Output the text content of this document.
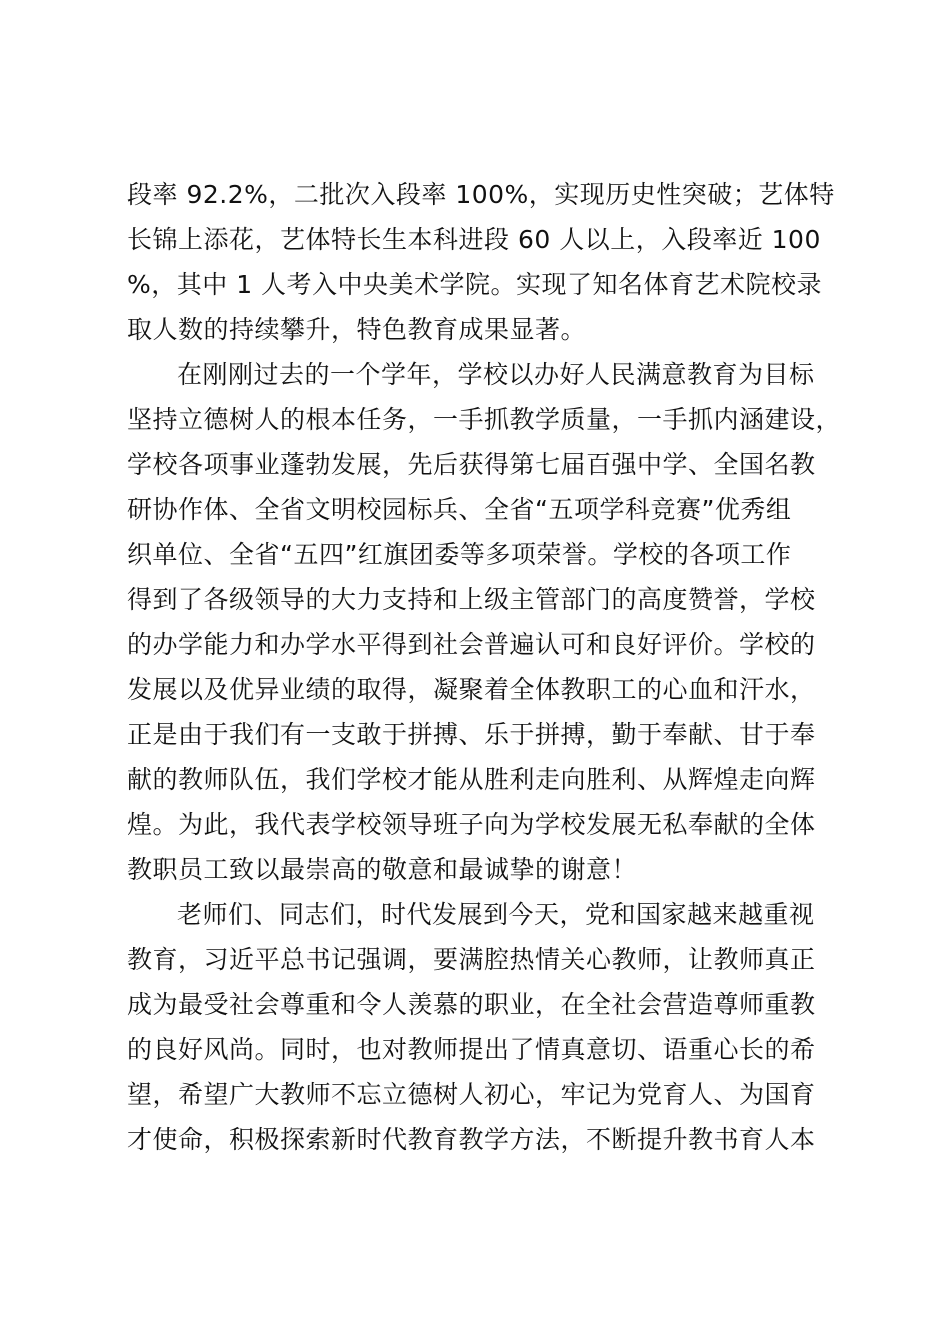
段率 92.2%，二批次入段率 100%，实现历史性突破；艺体特
长锦上添花，艺体特长生本科进段 60 人以上，入段率近 100
%，其中 1 人考入中央美术学院。实现了知名体育艺术院校录
取人数的持续攀升，特色教育成果显著。
在刚刚过去的一个学年，学校以办好人民满意教育为目标
坚持立德树人的根本任务，一手抓教学质量，一手抓内涵建设，
学校各项事业蓬勃发展，先后获得第七届百强中学、全国名教
研协作体、全省文明校园标兵、全省“五项学科竞赛”优秀组
织单位、全省“五四”红旗团委等多项荣誉。学校的各项工作
得到了各级领导的大力支持和上级主管部门的高度赞誉，学校
的办学能力和办学水平得到社会普遍认可和良好评价。学校的
发展以及优异业绩的取得，凝聚着全体教职工的心血和汗水，
正是由于我们有一支敢于拼搏、乐于拼搏，勤于奉献、甘于奉
献的教师队伍，我们学校才能从胜利走向胜利、从辉煌走向辉
煌。为此，我代表学校领导班子向为学校发展无私奉献的全体
教职员工致以最崇高的敬意和最诚挚的谢意！
老师们、同志们，时代发展到今天，党和国家越来越重视
教育，习近平总书记强调，要满腔热情关心教师，让教师真正
成为最受社会尊重和令人羡慕的职业，在全社会营造尊师重教
的良好风尚。同时，也对教师提出了情真意切、语重心长的希
望，希望广大教师不忘立德树人初心，牢记为党育人、为国育
才使命，积极探索新时代教育教学方法，不断提升教书育人本
